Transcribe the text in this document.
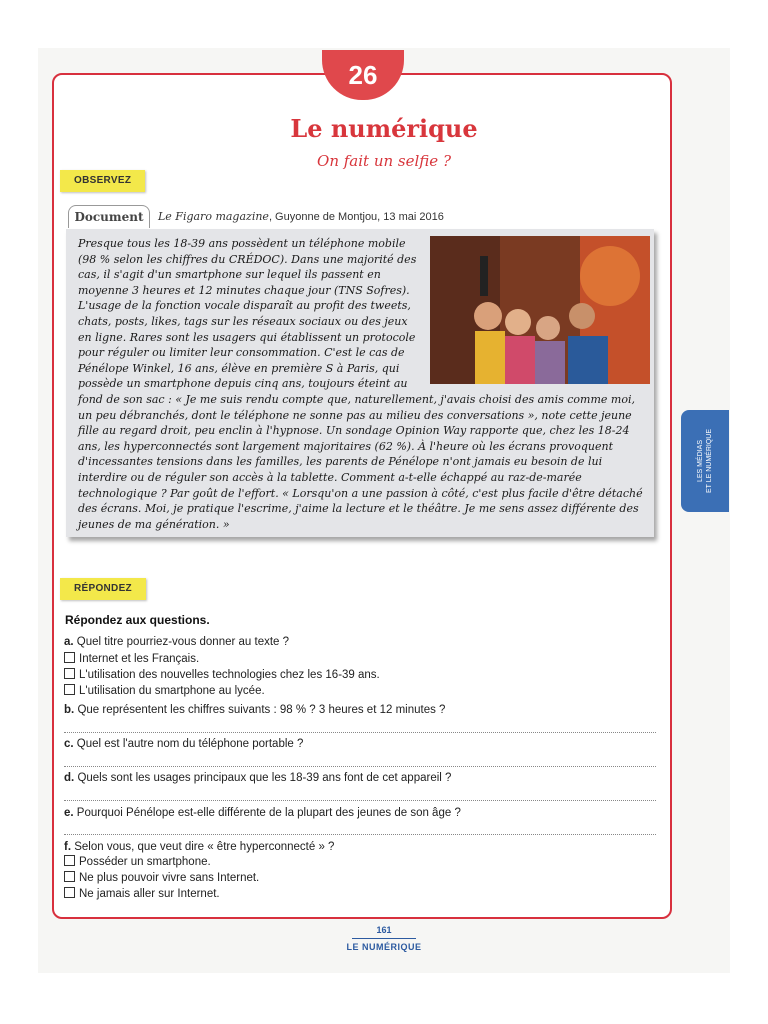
26
Le numérique
On fait un selfie ?
OBSERVEZ
Document	Le Figaro magazine, Guyonne de Montjou, 13 mai 2016

Presque tous les 18-39 ans possèdent un téléphone mobile (98 % selon les chiffres du CRÉDOC). Dans une majorité des cas, il s'agit d'un smartphone sur lequel ils passent en moyenne 3 heures et 12 minutes chaque jour (TNS Sofres). L'usage de la fonction vocale disparaît au profit des tweets, chats, posts, likes, tags sur les réseaux sociaux ou des jeux en ligne. Rares sont les usagers qui établissent un protocole pour réguler ou limiter leur consommation. C'est le cas de Pénélope Winkel, 16 ans, élève en première S à Paris, qui possède un smartphone depuis cinq ans, toujours éteint au fond de son sac : « Je me suis rendu compte que, naturellement, j'avais choisi des amis comme moi, un peu débranchés, dont le téléphone ne sonne pas au milieu des conversations », note cette jeune fille au regard droit, peu enclin à l'hypnose. Un sondage Opinion Way rapporte que, chez les 18-24 ans, les hyperconnectés sont largement majoritaires (62 %). À l'heure où les écrans provoquent d'incessantes tensions dans les familles, les parents de Pénélope n'ont jamais eu besoin de lui interdire ou de réguler son accès à la tablette. Comment a-t-elle échappé au raz-de-marée technologique ? Par goût de l'effort. « Lorsqu'on a une passion à côté, c'est plus facile d'être détaché des écrans. Moi, je pratique l'escrime, j'aime la lecture et le théâtre. Je me sens assez différente des jeunes de ma génération. »

LES MÉDIAS ET LE NUMÉRIQUE
RÉPONDEZ
Répondez aux questions.
a. Quel titre pourriez-vous donner au texte ?
Internet et les Français.
L'utilisation des nouvelles technologies chez les 16-39 ans.
L'utilisation du smartphone au lycée.
b. Que représentent les chiffres suivants : 98 % ? 3 heures et 12 minutes ?
c. Quel est l'autre nom du téléphone portable ?
d. Quels sont les usages principaux que les 18-39 ans font de cet appareil ?
e. Pourquoi Pénélope est-elle différente de la plupart des jeunes de son âge ?
f. Selon vous, que veut dire « être hyperconnecté » ?
Posséder un smartphone.
Ne plus pouvoir vivre sans Internet.
Ne jamais aller sur Internet.
161
LE NUMÉRIQUE
